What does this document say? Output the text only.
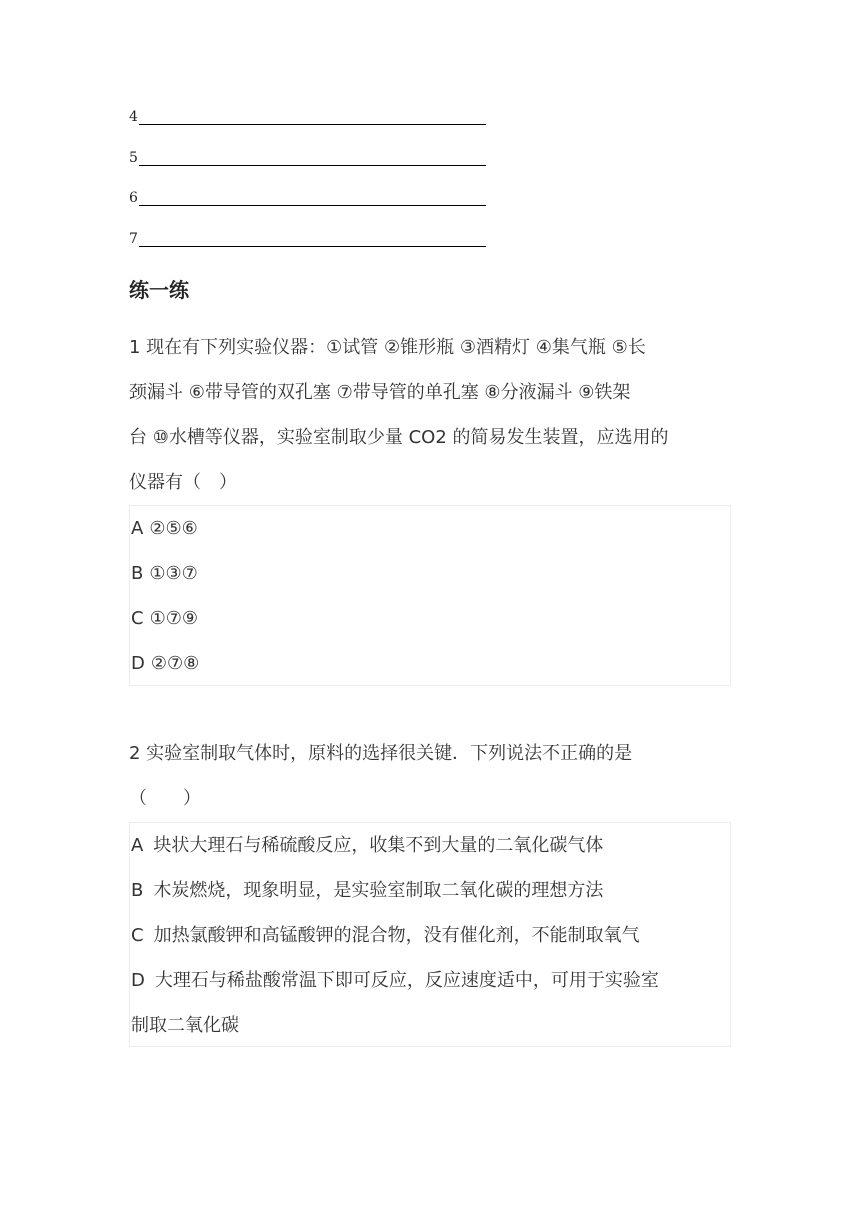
4
5
6
7
练一练
1 现在有下列实验仪器：①试管 ②锥形瓶 ③酒精灯 ④集气瓶 ⑤长
颈漏斗 ⑥带导管的双孔塞 ⑦带导管的单孔塞 ⑧分液漏斗 ⑨铁架
台 ⑩水槽等仪器，实验室制取少量 CO2 的简易发生装置，应选用的
仪器有（　）
A ②⑤⑥
B ①③⑦
C ①⑦⑨
D ②⑦⑧
2 实验室制取气体时，原料的选择很关键．下列说法不正确的是
（　　）
A 块状大理石与稀硫酸反应，收集不到大量的二氧化碳气体
B 木炭燃烧，现象明显，是实验室制取二氧化碳的理想方法
C 加热氯酸钾和高锰酸钾的混合物，没有催化剂，不能制取氧气
D 大理石与稀盐酸常温下即可反应，反应速度适中，可用于实验室
制取二氧化碳
